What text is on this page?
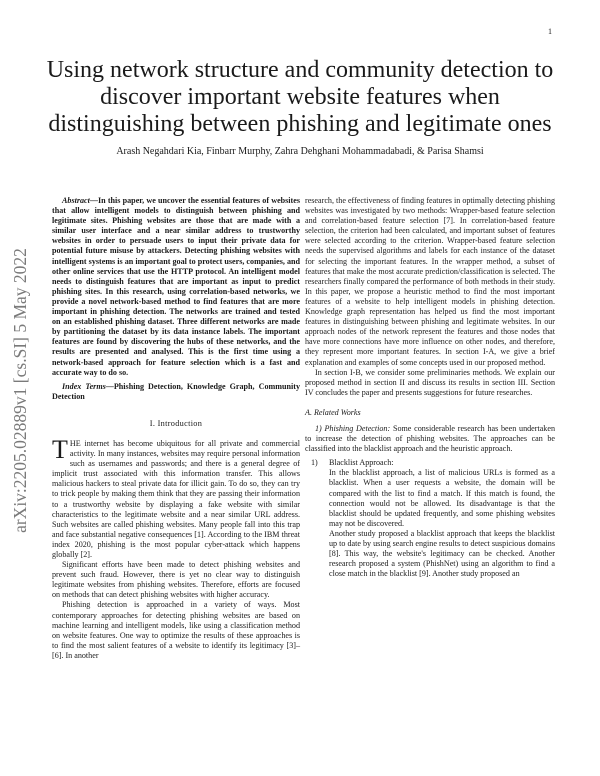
1
arXiv:2205.02889v1 [cs.SI] 5 May 2022
Using network structure and community detection to discover important website features when distinguishing between phishing and legitimate ones
Arash Negahdari Kia, Finbarr Murphy, Zahra Dehghani Mohammadabadi, & Parisa Shamsi

Abstract—In this paper, we uncover the essential features of websites that allow intelligent models to distinguish between phishing and legitimate sites. Phishing websites are those that are made with a similar user interface and a near similar address to trustworthy websites in order to persuade users to input their private data for potential future misuse by attackers. Detecting phishing websites with intelligent systems is an important goal to protect users, companies, and other online services that use the HTTP protocol. An intelligent model needs to distinguish features that are important as input to predict phishing sites. In this research, using correlation-based networks, we provide a novel network-based method to find features that are more important in phishing detection. The networks are trained and tested on an established phishing dataset. Three different networks are made by partitioning the dataset by its data instance labels. The important features are found by discovering the hubs of these networks, and the results are presented and analysed. This is the first time using a network-based approach for feature selection which is a fast and accurate way to do so.

Index Terms—Phishing Detection, Knowledge Graph, Community Detection

I. Introduction

THE internet has become ubiquitous for all private and commercial activity. In many instances, websites may require personal information such as usernames and passwords; and there is a general degree of implicit trust associated with this information transfer. This allows malicious hackers to steal private data for illicit gain. To do so, they can try to trick people by making them think that they are passing their information to a trustworthy website by displaying a fake website with similar characteristics to the legitimate website and a near similar URL address. Such websites are called phishing websites. Many people fall into this trap and face substantial negative consequences [1]. According to the IBM threat index 2020, phishing is the most popular cyber-attack which happens globally [2].

Significant efforts have been made to detect phishing websites and prevent such fraud. However, there is yet no clear way to distinguish legitimate websites from phishing websites. Therefore, efforts are focused on methods that can detect phishing websites with higher accuracy.

Phishing detection is approached in a variety of ways. Most contemporary approaches for detecting phishing websites are based on machine learning and intelligent models, like using a classification method on website features. One way to optimize the results of these approaches is to find the most salient features of a website to identify its legitimacy [3]–[6]. In another

research, the effectiveness of finding features in optimally detecting phishing websites was investigated by two methods: Wrapper-based feature selection and correlation-based feature selection [7]. In correlation-based feature selection, the criterion had been calculated, and important subset of features were selected according to the criterion. Wrapper-based feature selection needs the supervised algorithms and labels for each instance of the dataset for selecting the important features. In the wrapper method, a subset of features that make the most accurate prediction/classification is selected. The researchers finally compared the performance of both methods in their study. In this paper, we propose a heuristic method to find the most important features of a website to help intelligent models in phishing detection. Knowledge graph representation has helped us find the most important features in distinguishing between phishing and legitimate websites. In our approach nodes of the network represent the features and those nodes that have more connections have more influence on other nodes, and therefore, they represent more important features. In section I-A, we give a brief explanation and examples of some concepts used in our proposed method.

In section I-B, we consider some preliminaries methods. We explain our proposed method in section II and discuss its results in section III. Section IV concludes the paper and presents suggestions for future researches.

A. Related Works

1) Phishing Detection: Some considerable research has been undertaken to increase the detection of phishing websites. The approaches can be classified into the blacklist approach and the heuristic approach.

1)	Blacklist Approach:

In the blacklist approach, a list of malicious URLs is formed as a blacklist. When a user requests a website, the domain will be compared with the list to find a match. If this match is found, the connection would not be allowed. Its disadvantage is that the blacklist should be updated frequently, and some phishing websites may not be discovered.

Another study proposed a blacklist approach that keeps the blacklist up to date by using search engine results to detect suspicious domains [8]. This way, the website's legitimacy can be checked. Another research proposed a system (PhishNet) using an algorithm to find a close match in the blacklist [9]. Another study proposed an
